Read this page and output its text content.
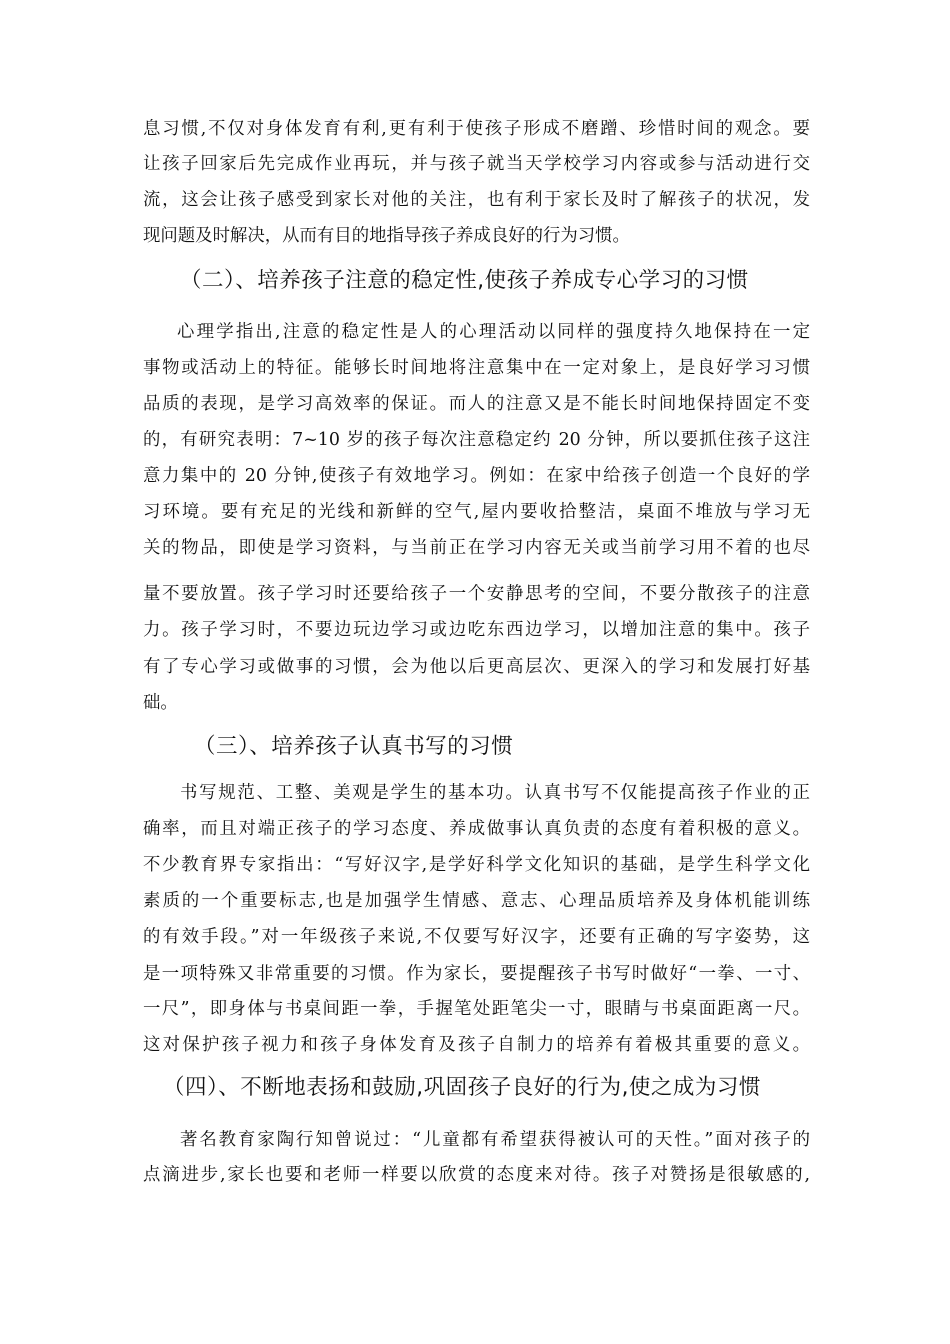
息习惯,不仅对身体发育有利,更有利于使孩子形成不磨蹭、珍惜时间的观念。要
让孩子回家后先完成作业再玩，并与孩子就当天学校学习内容或参与活动进行交
流，这会让孩子感受到家长对他的关注，也有利于家长及时了解孩子的状况，发
现问题及时解决，从而有目的地指导孩子养成良好的行为习惯。
（二）、培养孩子注意的稳定性,使孩子养成专心学习的习惯
心理学指出,注意的稳定性是人的心理活动以同样的强度持久地保持在一定
事物或活动上的特征。能够长时间地将注意集中在一定对象上，是良好学习习惯
品质的表现，是学习高效率的保证。而人的注意又是不能长时间地保持固定不变
的，有研究表明：7~10 岁的孩子每次注意稳定约 20 分钟，所以要抓住孩子这注
意力集中的 20 分钟,使孩子有效地学习。例如：在家中给孩子创造一个良好的学
习环境。要有充足的光线和新鲜的空气,屋内要收拾整洁，桌面不堆放与学习无
关的物品，即使是学习资料，与当前正在学习内容无关或当前学习用不着的也尽
量不要放置。孩子学习时还要给孩子一个安静思考的空间，不要分散孩子的注意
力。孩子学习时，不要边玩边学习或边吃东西边学习，以增加注意的集中。孩子
有了专心学习或做事的习惯，会为他以后更高层次、更深入的学习和发展打好基
础。
（三）、培养孩子认真书写的习惯
书写规范、工整、美观是学生的基本功。认真书写不仅能提高孩子作业的正
确率，而且对端正孩子的学习态度、养成做事认真负责的态度有着积极的意义。
不少教育界专家指出：“写好汉字,是学好科学文化知识的基础，是学生科学文化
素质的一个重要标志,也是加强学生情感、意志、心理品质培养及身体机能训练
的有效手段。”对一年级孩子来说,不仅要写好汉字，还要有正确的写字姿势，这
是一项特殊又非常重要的习惯。作为家长，要提醒孩子书写时做好“一拳、一寸、
一尺”，即身体与书桌间距一拳，手握笔处距笔尖一寸，眼睛与书桌面距离一尺。
这对保护孩子视力和孩子身体发育及孩子自制力的培养有着极其重要的意义。
（四）、不断地表扬和鼓励,巩固孩子良好的行为,使之成为习惯
著名教育家陶行知曾说过：“儿童都有希望获得被认可的天性。”面对孩子的
点滴进步,家长也要和老师一样要以欣赏的态度来对待。孩子对赞扬是很敏感的,
